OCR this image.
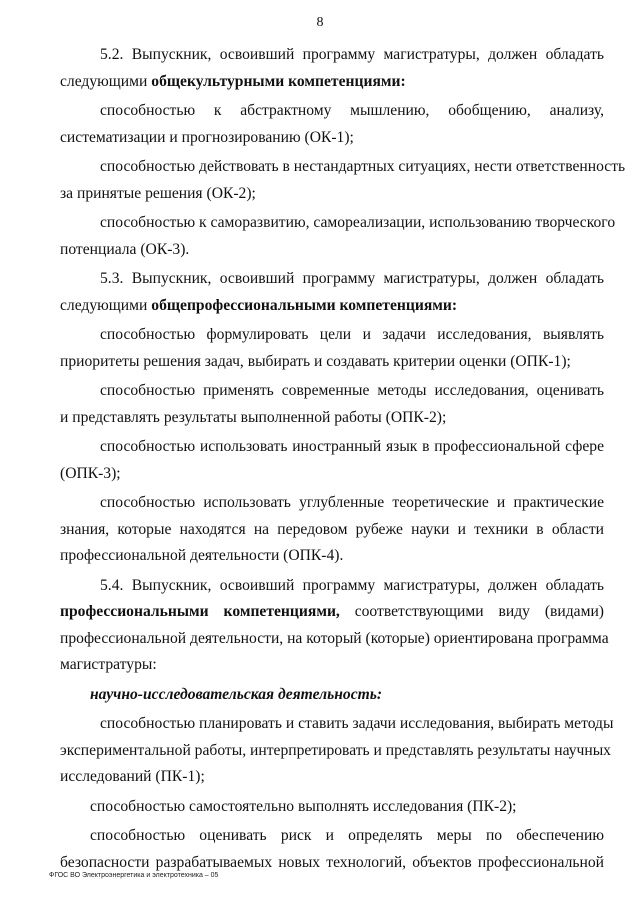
8
5.2. Выпускник, освоивший программу магистратуры, должен обладать
следующими общекультурными компетенциями:
способностью к абстрактному мышлению, обобщению, анализу,
систематизации и прогнозированию (ОК-1);
способностью действовать в нестандартных ситуациях, нести ответственность
за принятые решения (ОК-2);
способностью к саморазвитию, самореализации, использованию творческого
потенциала (ОК-3).
5.3. Выпускник, освоивший программу магистратуры, должен обладать
следующими общепрофессиональными компетенциями:
способностью формулировать цели и задачи исследования, выявлять
приоритеты решения задач, выбирать и создавать критерии оценки (ОПК-1);
способностью применять современные методы исследования, оценивать
и представлять результаты выполненной работы (ОПК-2);
способностью использовать иностранный язык в профессиональной сфере
(ОПК-3);
способностью использовать углубленные теоретические и практические
знания, которые находятся на передовом рубеже науки и техники в области
профессиональной деятельности (ОПК-4).
5.4. Выпускник, освоивший программу магистратуры, должен обладать
профессиональными компетенциями, соответствующими виду (видами)
профессиональной деятельности, на который (которые) ориентирована программа
магистратуры:
научно-исследовательская деятельность:
способностью планировать и ставить задачи исследования, выбирать методы
экспериментальной работы, интерпретировать и представлять результаты научных
исследований (ПК-1);
способностью самостоятельно выполнять исследования (ПК-2);
способностью оценивать риск и определять меры по обеспечению
безопасности разрабатываемых новых технологий, объектов профессиональной
ФГОС ВО Электроэнергетика и электротехника – 05
